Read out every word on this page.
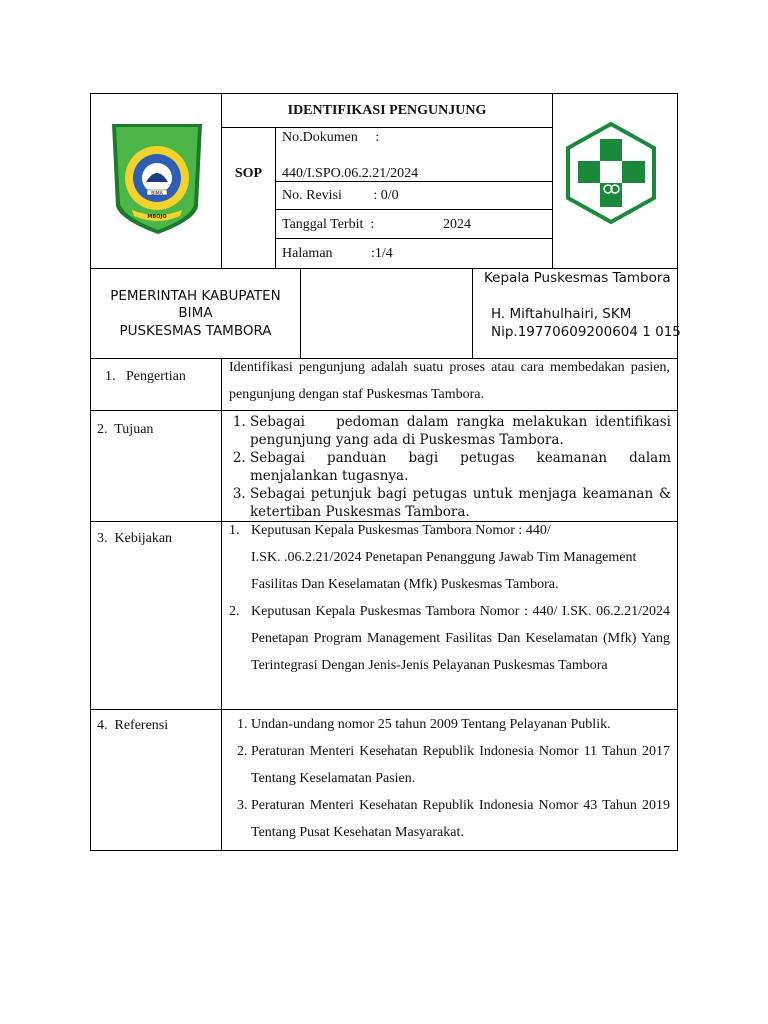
BIMA
MBOJO
IDENTIFIKASI PENGUNJUNG
SOP
No.Dokumen     :
440/I.SPO.06.2.21/2024
No. Revisi         : 0/0
Tanggal Terbit  :	2024
Halaman           :1/4
PEMERINTAH KABUPATEN
BIMA
PUSKESMAS TAMBORA
Kepala Puskesmas Tambora
H. Miftahulhairi, SKM
Nip.19770609200604 1 015
1.   Pengertian
Identifikasi pengunjung adalah suatu proses atau cara membedakan pasien, pengunjung dengan staf Puskesmas Tambora.
2.  Tujuan	1. Sebagai    pedoman dalam rangka melakukan identifikasi pengunjung yang ada di Puskesmas Tambora.
2. Sebagai panduan bagi petugas keamanan dalam menjalankan tugasnya.
3. Sebagai petunjuk bagi petugas untuk menjaga keamanan & ketertiban Puskesmas Tambora.
3.  Kebijakan
1. Keputusan Kepala Puskesmas Tambora Nomor : 440/
I.SK. .06.2.21/2024 Penetapan Penanggung Jawab Tim Management
Fasilitas Dan Keselamatan (Mfk) Puskesmas Tambora.
2. Keputusan Kepala Puskesmas Tambora Nomor : 440/ I.SK. 06.2.21/2024 Penetapan Program Management Fasilitas Dan Keselamatan (Mfk) Yang Terintegrasi Dengan Jenis-Jenis Pelayanan Puskesmas Tambora
4.  Referensi	1. Undan-undang nomor 25 tahun 2009 Tentang Pelayanan Publik.
2. Peraturan Menteri Kesehatan Republik Indonesia Nomor 11 Tahun 2017 Tentang Keselamatan Pasien.
3. Peraturan Menteri Kesehatan Republik Indonesia Nomor 43 Tahun 2019 Tentang Pusat Kesehatan Masyarakat.
